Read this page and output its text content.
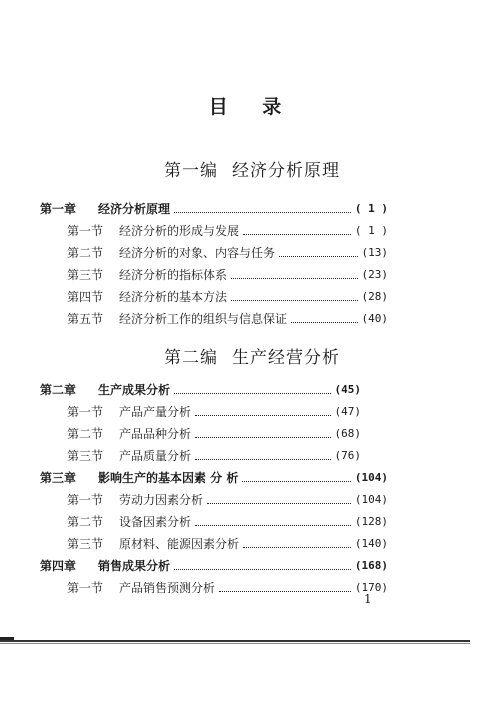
目 录
第一编 经济分析原理
第二编 生产经营分析
第一章	经济分析原理	( 1 )
第一节	经济分析的形成与发展	( 1 )
第二节	经济分析的对象、内容与任务	(13)
第三节	经济分析的指标体系	(23)
第四节	经济分析的基本方法	(28)
第五节	经济分析工作的组织与信息保证	(40)
第二章	生产成果分析	(45)
第一节	产品产量分析	(47)
第二节	产品品种分析	(68)
第三节	产品质量分析	(76)
第三章	影响生产的基本因素 分 析	(104)
第一节	劳动力因素分析	(104)
第二节	设备因素分析	(128)
第三节	原材料、能源因素分析	(140)
第四章	销售成果分析	(168)
第一节	产品销售预测分析	(170)
1
